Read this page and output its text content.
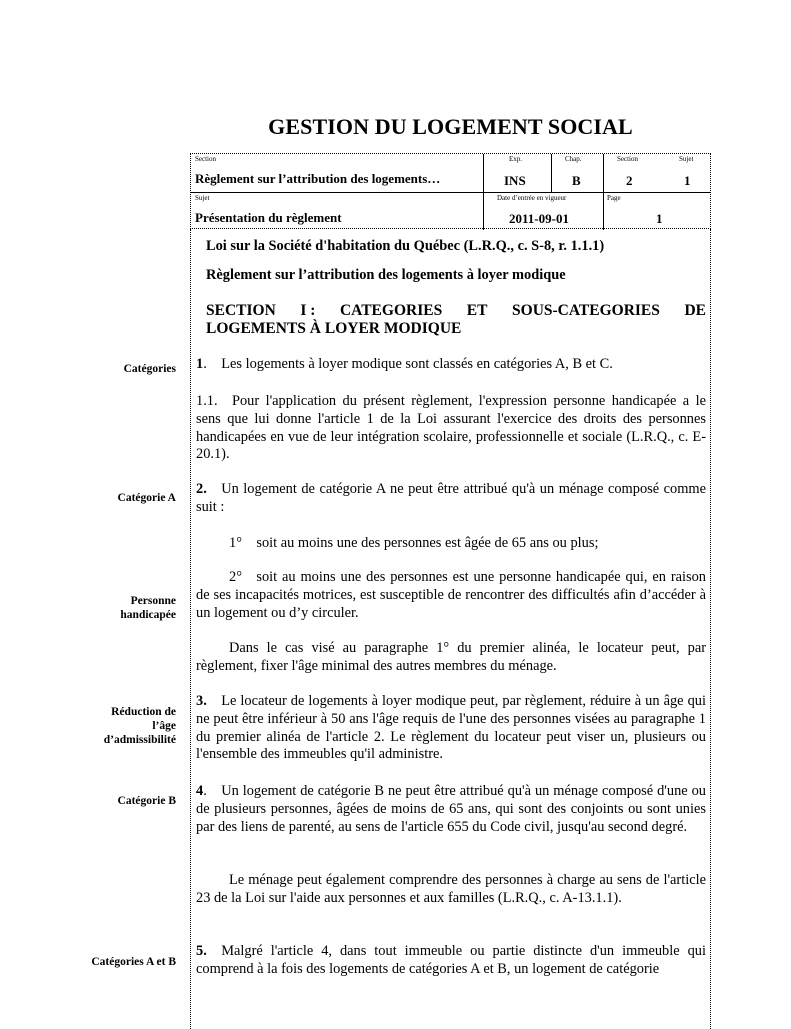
GESTION DU LOGEMENT SOCIAL
Section
Règlement sur l’attribution des logements…
Exp.
INS
Chap.
B
Section
2
Sujet
1
Sujet
Présentation du règlement
Date d’entrée en vigueur
2011-09-01
Page
1
Loi sur la Société d'habitation du Québec (L.R.Q., c. S-8, r. 1.1.1)
Règlement sur l’attribution des logements à loyer modique
SECTION I : CATEGORIES ET SOUS-CATEGORIES DE
LOGEMENTS À LOYER MODIQUE
Catégories
Catégorie A
Personne
handicapée
Réduction de
l’âge
d’admissibilité
Catégorie B
Catégories A et B

1. Les logements à loyer modique sont classés en catégories A, B et C.

1.1. Pour l'application du présent règlement, l'expression personne handicapée a le sens que lui donne l'article 1 de la Loi assurant l'exercice des droits des personnes handicapées en vue de leur intégration scolaire, professionnelle et sociale (L.R.Q., c. E-20.1).

2. Un logement de catégorie A ne peut être attribué qu'à un ménage composé comme suit :

1° soit au moins une des personnes est âgée de 65 ans ou plus;

2° soit au moins une des personnes est une personne handicapée qui, en raison de ses incapacités motrices, est susceptible de rencontrer des difficultés afin d’accéder à un logement ou d’y circuler.

Dans le cas visé au paragraphe 1° du premier alinéa, le locateur peut, par règlement, fixer l'âge minimal des autres membres du ménage.

3. Le locateur de logements à loyer modique peut, par règlement, réduire à un âge qui ne peut être inférieur à 50 ans l'âge requis de l'une des personnes visées au paragraphe 1 du premier alinéa de l'article 2. Le règlement du locateur peut viser un, plusieurs ou l'ensemble des immeubles qu'il administre.

4. Un logement de catégorie B ne peut être attribué qu'à un ménage composé d'une ou de plusieurs personnes, âgées de moins de 65 ans, qui sont des conjoints ou sont unies par des liens de parenté, au sens de l'article 655 du Code civil, jusqu'au second degré.

Le ménage peut également comprendre des personnes à charge au sens de l'article 23 de la Loi sur l'aide aux personnes et aux familles (L.R.Q., c. A-13.1.1).

5. Malgré l'article 4, dans tout immeuble ou partie distincte d'un immeuble qui comprend à la fois des logements de catégories A et B, un logement de catégorie
